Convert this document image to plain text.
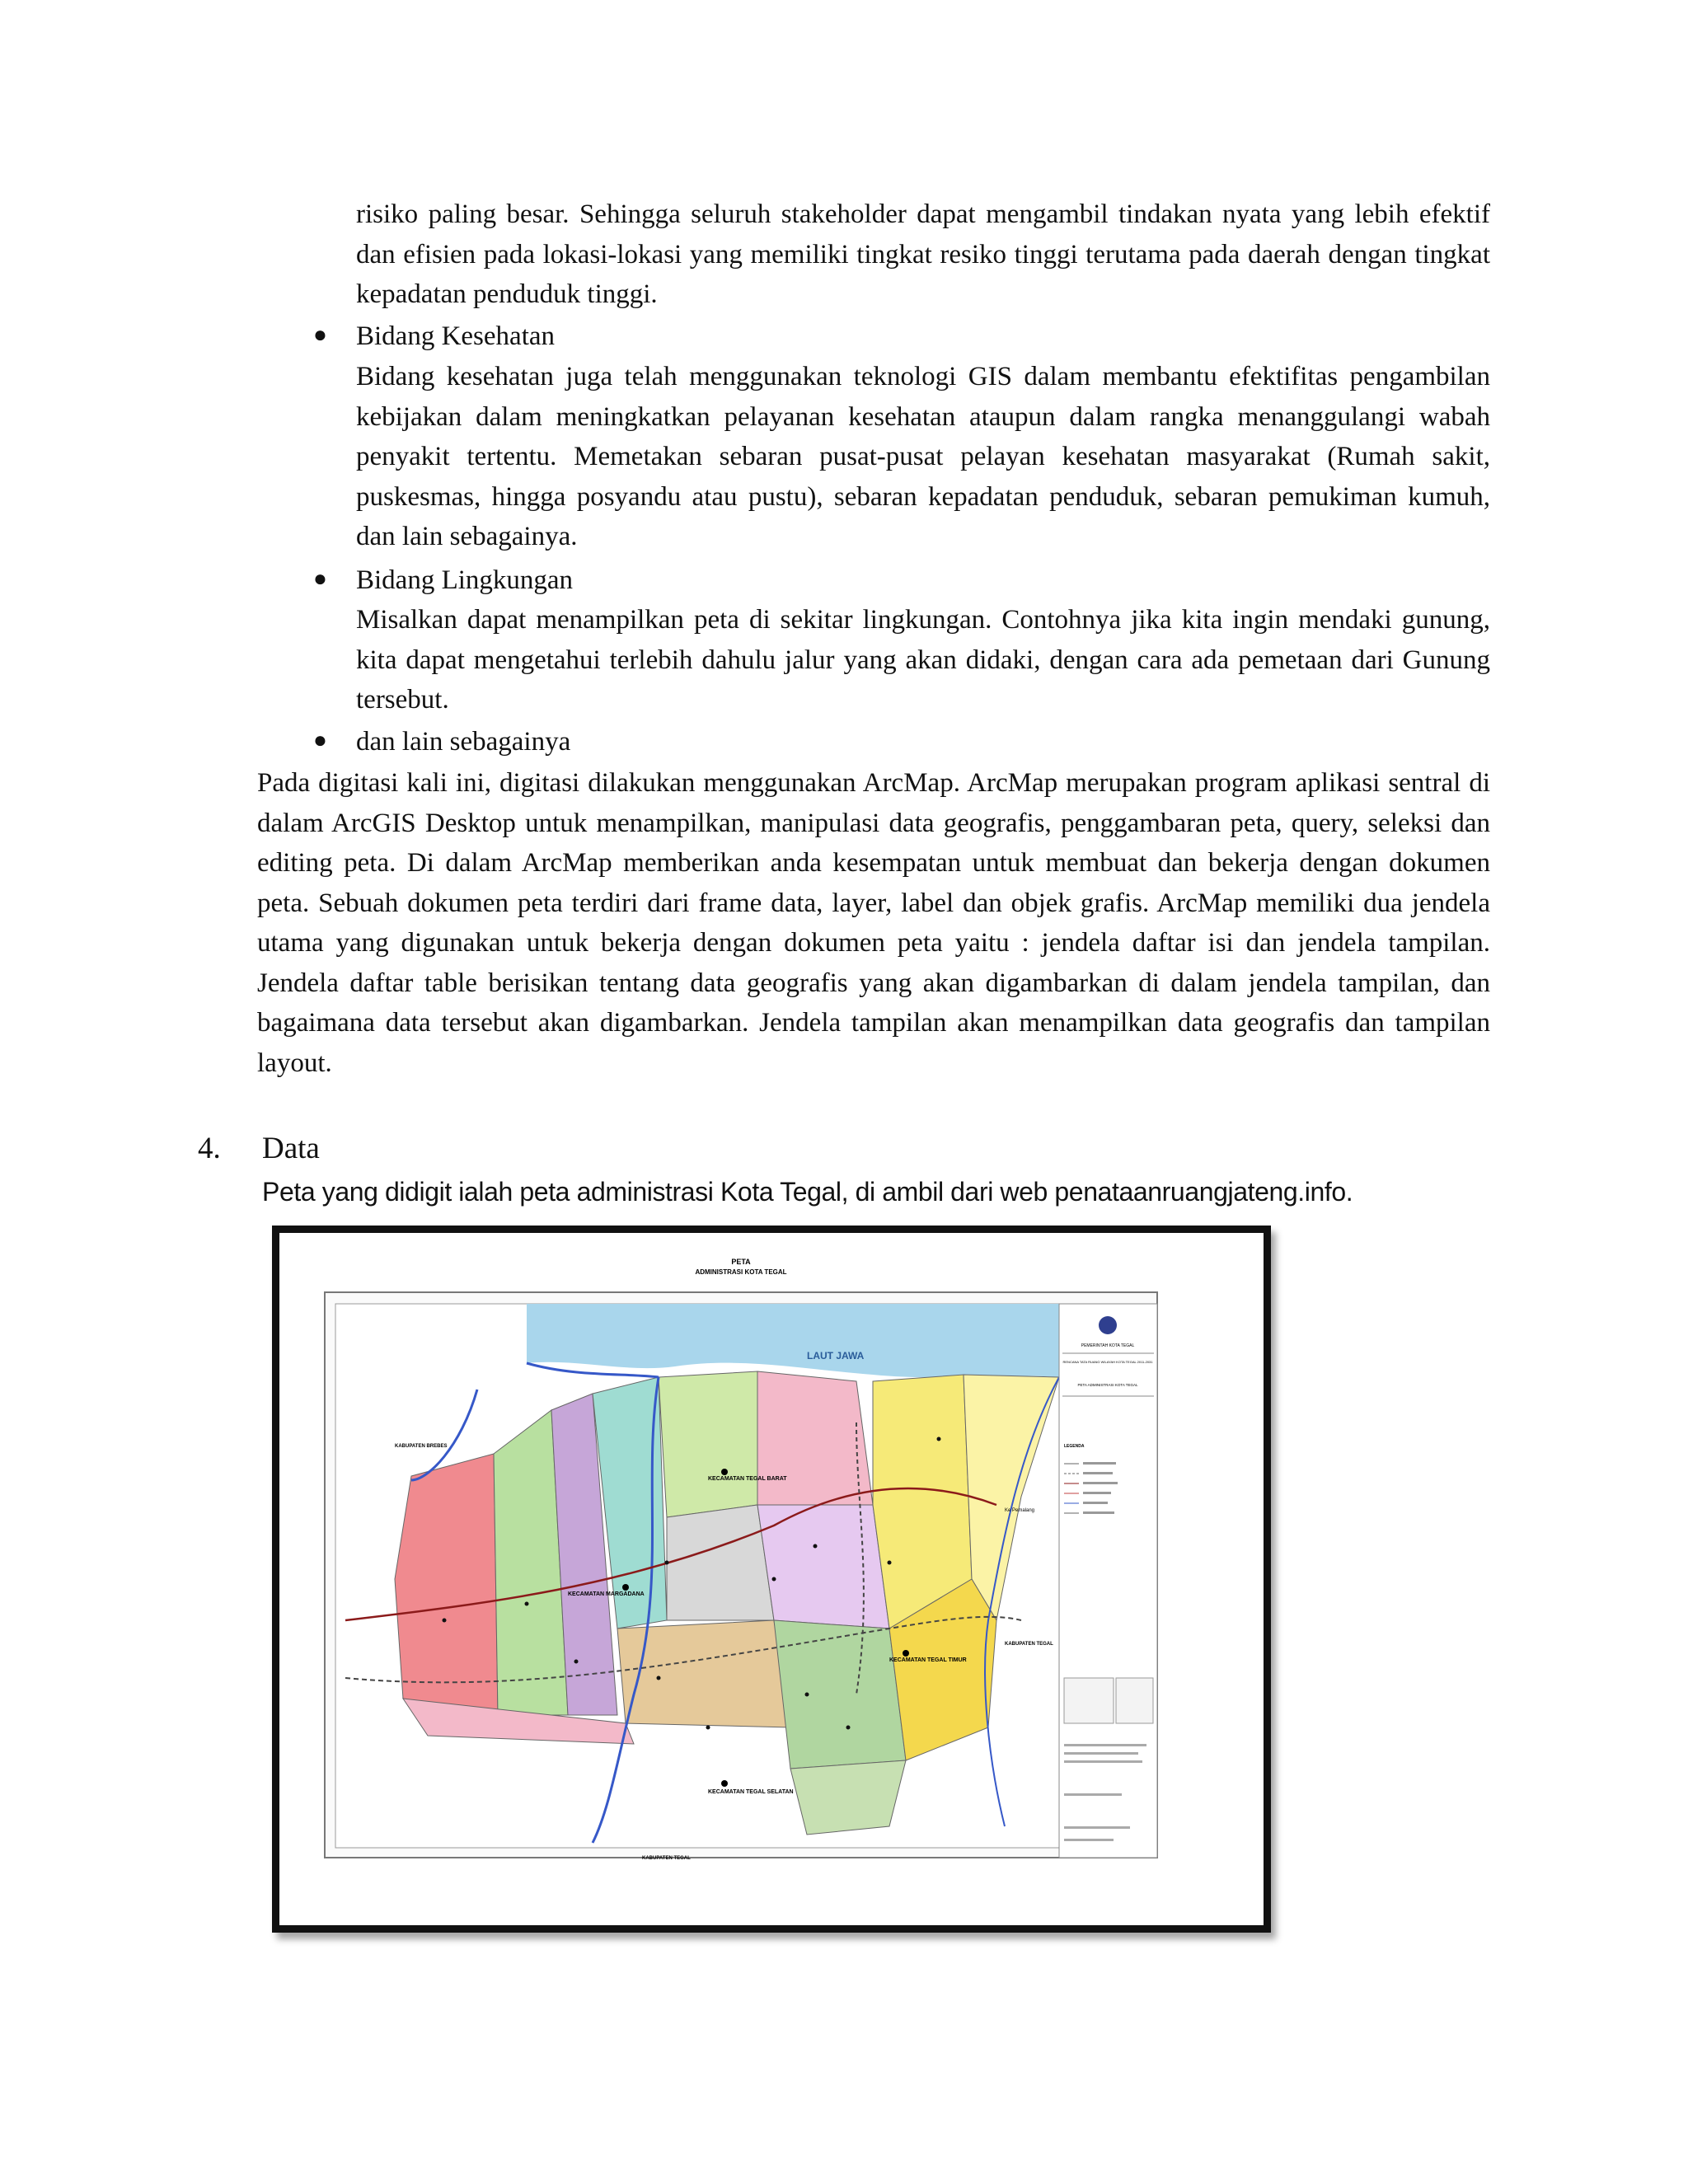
risiko paling besar. Sehingga seluruh stakeholder dapat mengambil tindakan nyata yang lebih efektif dan efisien pada lokasi-lokasi yang memiliki tingkat resiko tinggi terutama pada daerah dengan tingkat kepadatan penduduk tinggi.

● Bidang Kesehatan

Bidang kesehatan juga telah menggunakan teknologi GIS dalam membantu efektifitas pengambilan kebijakan dalam meningkatkan pelayanan kesehatan ataupun dalam rangka menanggulangi wabah penyakit tertentu. Memetakan sebaran pusat-pusat pelayan kesehatan masyarakat (Rumah sakit, puskesmas, hingga posyandu atau pustu), sebaran kepadatan penduduk, sebaran pemukiman kumuh, dan lain sebagainya.

● Bidang Lingkungan

Misalkan dapat menampilkan peta di sekitar lingkungan. Contohnya jika kita ingin mendaki gunung, kita dapat mengetahui terlebih dahulu jalur yang akan didaki, dengan cara ada pemetaan dari Gunung tersebut.

● dan lain sebagainya

Pada digitasi kali ini, digitasi dilakukan menggunakan ArcMap. ArcMap merupakan program aplikasi sentral di dalam ArcGIS Desktop untuk menampilkan, manipulasi data geografis, penggambaran peta, query, seleksi dan editing peta. Di dalam ArcMap memberikan anda kesempatan untuk membuat dan bekerja dengan dokumen peta. Sebuah dokumen peta terdiri dari frame data, layer, label dan objek grafis. ArcMap memiliki dua jendela utama yang digunakan untuk bekerja dengan dokumen peta yaitu : jendela daftar isi dan jendela tampilan. Jendela daftar table berisikan tentang data geografis yang akan digambarkan di dalam jendela tampilan, dan bagaimana data tersebut akan digambarkan. Jendela tampilan akan menampilkan data geografis dan tampilan layout.

4. Data

Peta yang didigit ialah peta administrasi Kota Tegal, di ambil dari web penataanruangjateng.info.

PETA
ADMINISTRASI KOTA TEGAL
LAUT JAWA
KECAMATAN TEGAL BARAT
KECAMATAN MARGADANA
KECAMATAN TEGAL TIMUR
KECAMATAN TEGAL SELATAN
KABUPATEN BREBES
KABUPATEN TEGAL
KABUPATEN TEGAL
Ke Pemalang
PEMERINTAH KOTA TEGAL
RENCANA TATA RUANG WILAYAH KOTA TEGAL 2011-2031
PETA ADMINISTRASI KOTA TEGAL
LEGENDA
